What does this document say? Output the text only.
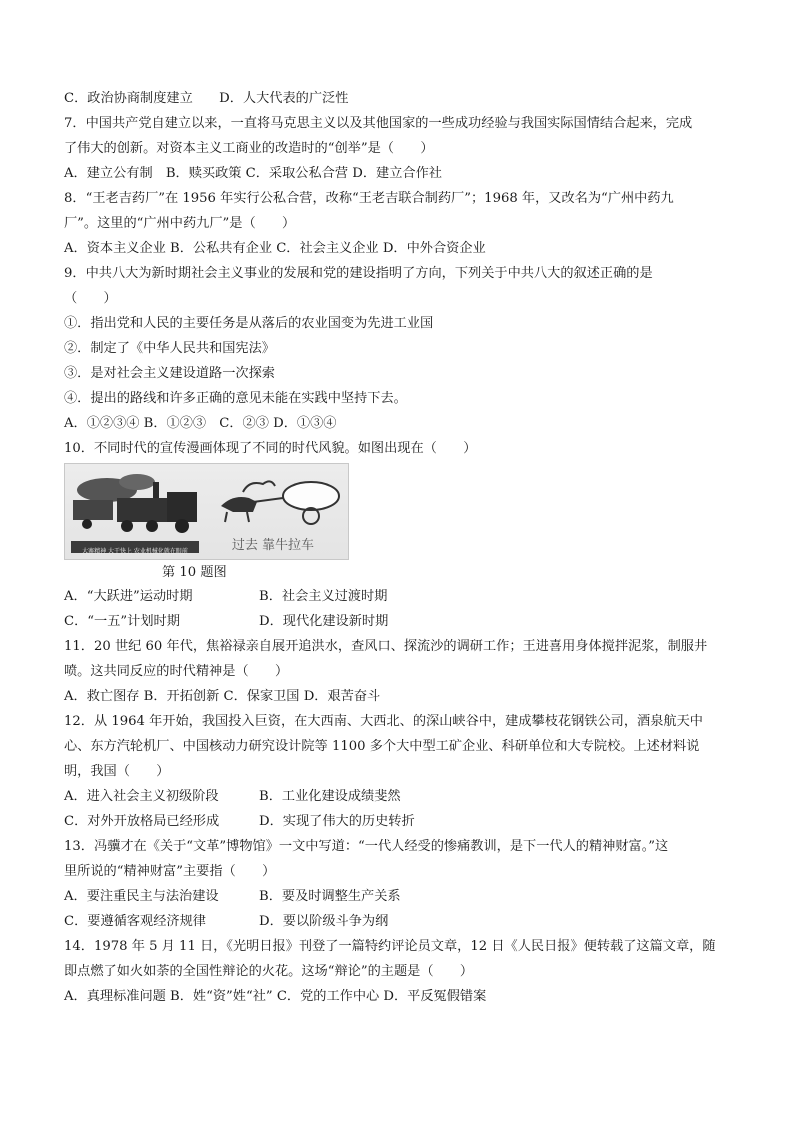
C．政治协商制度建立　　D．人大代表的广泛性
7．中国共产党自建立以来，一直将马克思主义以及其他国家的一些成功经验与我国实际国情结合起来，完成
了伟大的创新。对资本主义工商业的改造时的“创举”是（　　）
A．建立公有制　B．赎买政策 C．采取公私合营 D．建立合作社
8．“王老吉药厂”在 1956 年实行公私合营，改称“王老吉联合制药厂”；1968 年，又改名为“广州中药九
厂”。这里的“广州中药九厂”是（　　）
A．资本主义企业 B．公私共有企业 C．社会主义企业 D．中外合资企业
9．中共八大为新时期社会主义事业的发展和党的建设指明了方向，下列关于中共八大的叙述正确的是
（　　）
①．指出党和人民的主要任务是从落后的农业国变为先进工业国
②．制定了《中华人民共和国宪法》
③．是对社会主义建设道路一次探索
④．提出的路线和许多正确的意见未能在实践中坚持下去。
A．①②③④ B．①②③　C．②③ D．①③④
10．不同时代的宣传漫画体现了不同的时代风貌。如图出现在（　　）
大寨精神 大干快上 农业机械化就在眼前	过去 靠牛拉车
第 10 题图
A．“大跃进”运动时期	B．社会主义过渡时期
C．“一五”计划时期	D．现代化建设新时期
11．20 世纪 60 年代，焦裕禄亲自展开追洪水，查风口、探流沙的调研工作；王进喜用身体搅拌泥浆，制服井
喷。这共同反应的时代精神是（　　）
A．救亡图存 B．开拓创新 C．保家卫国 D．艰苦奋斗
12．从 1964 年开始，我国投入巨资，在大西南、大西北、的深山峡谷中，建成攀枝花钢铁公司，酒泉航天中
心、东方汽轮机厂、中国核动力研究设计院等 1100 多个大中型工矿企业、科研单位和大专院校。上述材料说
明，我国（　　）
A．进入社会主义初级阶段	B．工业化建设成绩斐然
C．对外开放格局已经形成	D．实现了伟大的历史转折
13．冯骥才在《关于“文革”博物馆》一文中写道：“一代人经受的惨痛教训，是下一代人的精神财富。”这
里所说的“精神财富”主要指（　　）
A．要注重民主与法治建设	B．要及时调整生产关系
C．要遵循客观经济规律	D．要以阶级斗争为纲
14．1978 年 5 月 11 日，《光明日报》刊登了一篇特约评论员文章，12 日《人民日报》便转载了这篇文章，随
即点燃了如火如荼的全国性辩论的火花。这场“辩论”的主题是（　　）
A．真理标准问题 B．姓“资”姓“社” C．党的工作中心 D．平反冤假错案
